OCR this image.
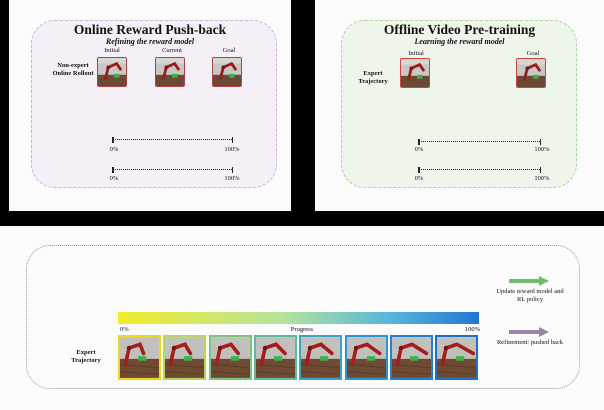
Online Reward Push-back
Refining the reward model
Non-expert Online Rollout
Initial	Current	Goal
0%	100%
0%	100%
Offline Video Pre-training
Learning the reward model
Expert Trajectory
Initial	Goal
0%	100%
0%	100%
Update reward model and RL policy
Refinement: pushed back
0%	Progress	100%
Expert Trajectory
